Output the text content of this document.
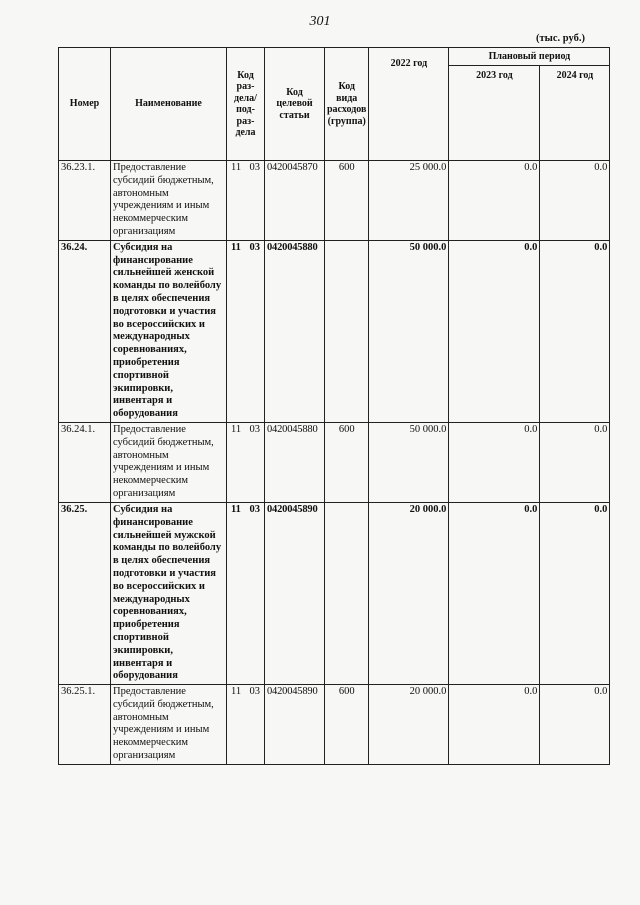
301
(тыс. руб.)
Номер	Наименование	Код раз-дела/ под-раз-дела	Код целевой статьи	Код вида расходов (группа)	2022 год	Плановый период	
						2023 год	2024 год
36.23.1.	Предоставление субсидий бюджетным, автономным учреждениям и иным некоммерческим организациям	11 03	0420045870	600	25 000.0	0.0	0.0
36.24.	Субсидия на финансирование сильнейшей женской команды по волейболу в целях обеспечения подготовки и участия во всероссийских и международных соревнованиях, приобретения спортивной экипировки, инвентаря и оборудования	11 03	0420045880		50 000.0	0.0	0.0
36.24.1.	Предоставление субсидий бюджетным, автономным учреждениям и иным некоммерческим организациям	11 03	0420045880	600	50 000.0	0.0	0.0
36.25.	Субсидия на финансирование сильнейшей мужской команды по волейболу в целях обеспечения подготовки и участия во всероссийских и международных соревнованиях, приобретения спортивной экипировки, инвентаря и оборудования	11 03	0420045890		20 000.0	0.0	0.0
36.25.1.	Предоставление субсидий бюджетным, автономным учреждениям и иным некоммерческим организациям	11 03	0420045890	600	20 000.0	0.0	0.0
